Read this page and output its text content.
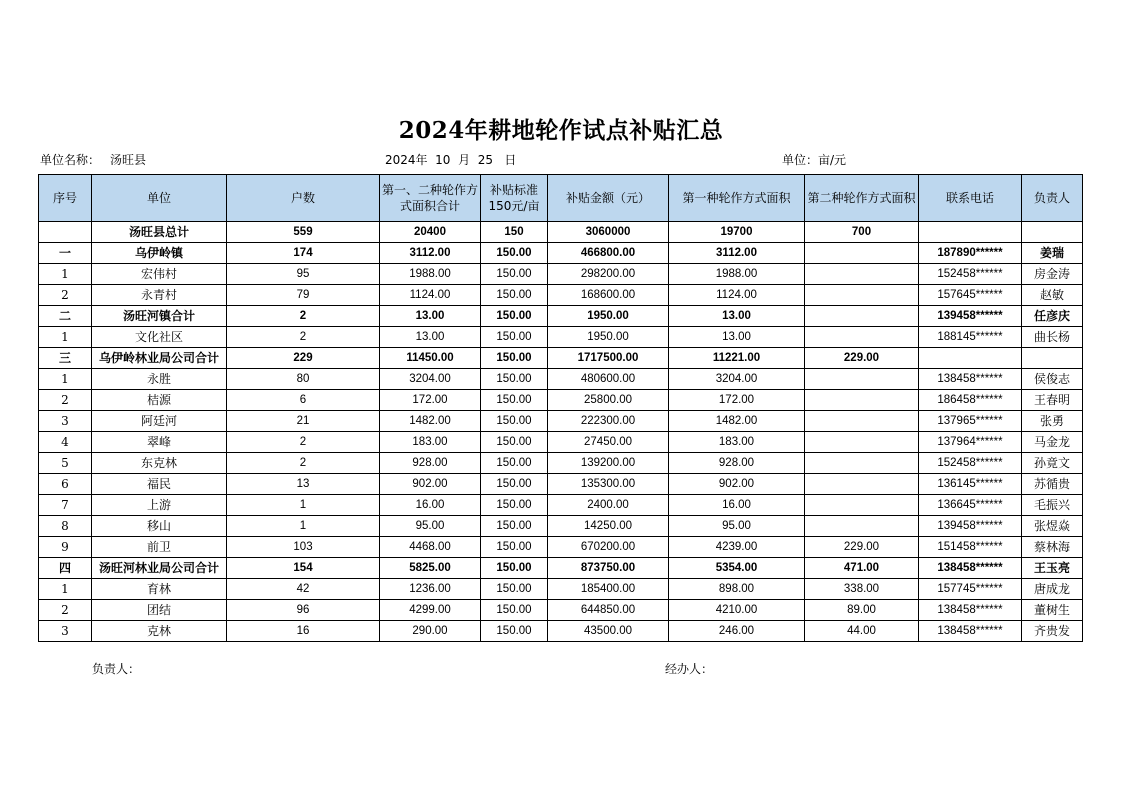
2024年耕地轮作试点补贴汇总
单位名称： 汤旺县	2024年  10  月  25   日	单位：亩/元
序号	单位	户数	第一、二种轮作方式面积合计	补贴标准150元/亩	补贴金额（元）	第一种轮作方式面积	第二种轮作方式面积	联系电话	负责人
	汤旺县总计	559	20400	150	3060000	19700	700		
一	乌伊岭镇	174	3112.00	150.00	466800.00	3112.00		187890******	姜瑞
1	宏伟村	95	1988.00	150.00	298200.00	1988.00		152458******	房金涛
2	永青村	79	1124.00	150.00	168600.00	1124.00		157645******	赵敏
二	汤旺河镇合计	2	13.00	150.00	1950.00	13.00		139458******	任彦庆
1	文化社区	2	13.00	150.00	1950.00	13.00		188145******	曲长杨
三	乌伊岭林业局公司合计	229	11450.00	150.00	1717500.00	11221.00	229.00		
1	永胜	80	3204.00	150.00	480600.00	3204.00		138458******	侯俊志
2	桔源	6	172.00	150.00	25800.00	172.00		186458******	王春明
3	阿廷河	21	1482.00	150.00	222300.00	1482.00		137965******	张勇
4	翠峰	2	183.00	150.00	27450.00	183.00		137964******	马金龙
5	东克林	2	928.00	150.00	139200.00	928.00		152458******	孙竟文
6	福民	13	902.00	150.00	135300.00	902.00		136145******	苏循贵
7	上游	1	16.00	150.00	2400.00	16.00		136645******	毛振兴
8	移山	1	95.00	150.00	14250.00	95.00		139458******	张煜焱
9	前卫	103	4468.00	150.00	670200.00	4239.00	229.00	151458******	蔡林海
四	汤旺河林业局公司合计	154	5825.00	150.00	873750.00	5354.00	471.00	138458******	王玉亮
1	育林	42	1236.00	150.00	185400.00	898.00	338.00	157745******	唐成龙
2	团结	96	4299.00	150.00	644850.00	4210.00	89.00	138458******	董树生
3	克林	16	290.00	150.00	43500.00	246.00	44.00	138458******	齐贵发
负责人：	经办人：
